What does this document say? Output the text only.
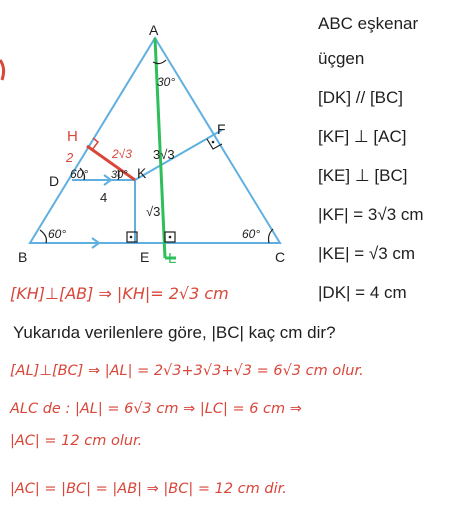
A
B	C
D
E
F
H
K
L
30°
60°	60°
60° 30°
2	2√3 3√3
4
√3
ABC eşkenar
üçgen
[DK] // [BC]
[KF] ⊥ [AC]
[KE] ⊥ [BC]
|KF| = 3√3 cm
|KE| = √3 cm
|DK| = 4 cm
[KH]⊥[AB] ⇒ |KH|= 2√3 cm
Yukarıda verilenlere göre, |BC| kaç cm dir?
[AL]⊥[BC] ⇒ |AL| = 2√3+3√3+√3 = 6√3 cm olur.
ALC de : |AL| = 6√3 cm ⇒ |LC| = 6 cm ⇒
|AC| = 12 cm olur.
|AC| = |BC| = |AB| ⇒ |BC| = 12 cm dir.
